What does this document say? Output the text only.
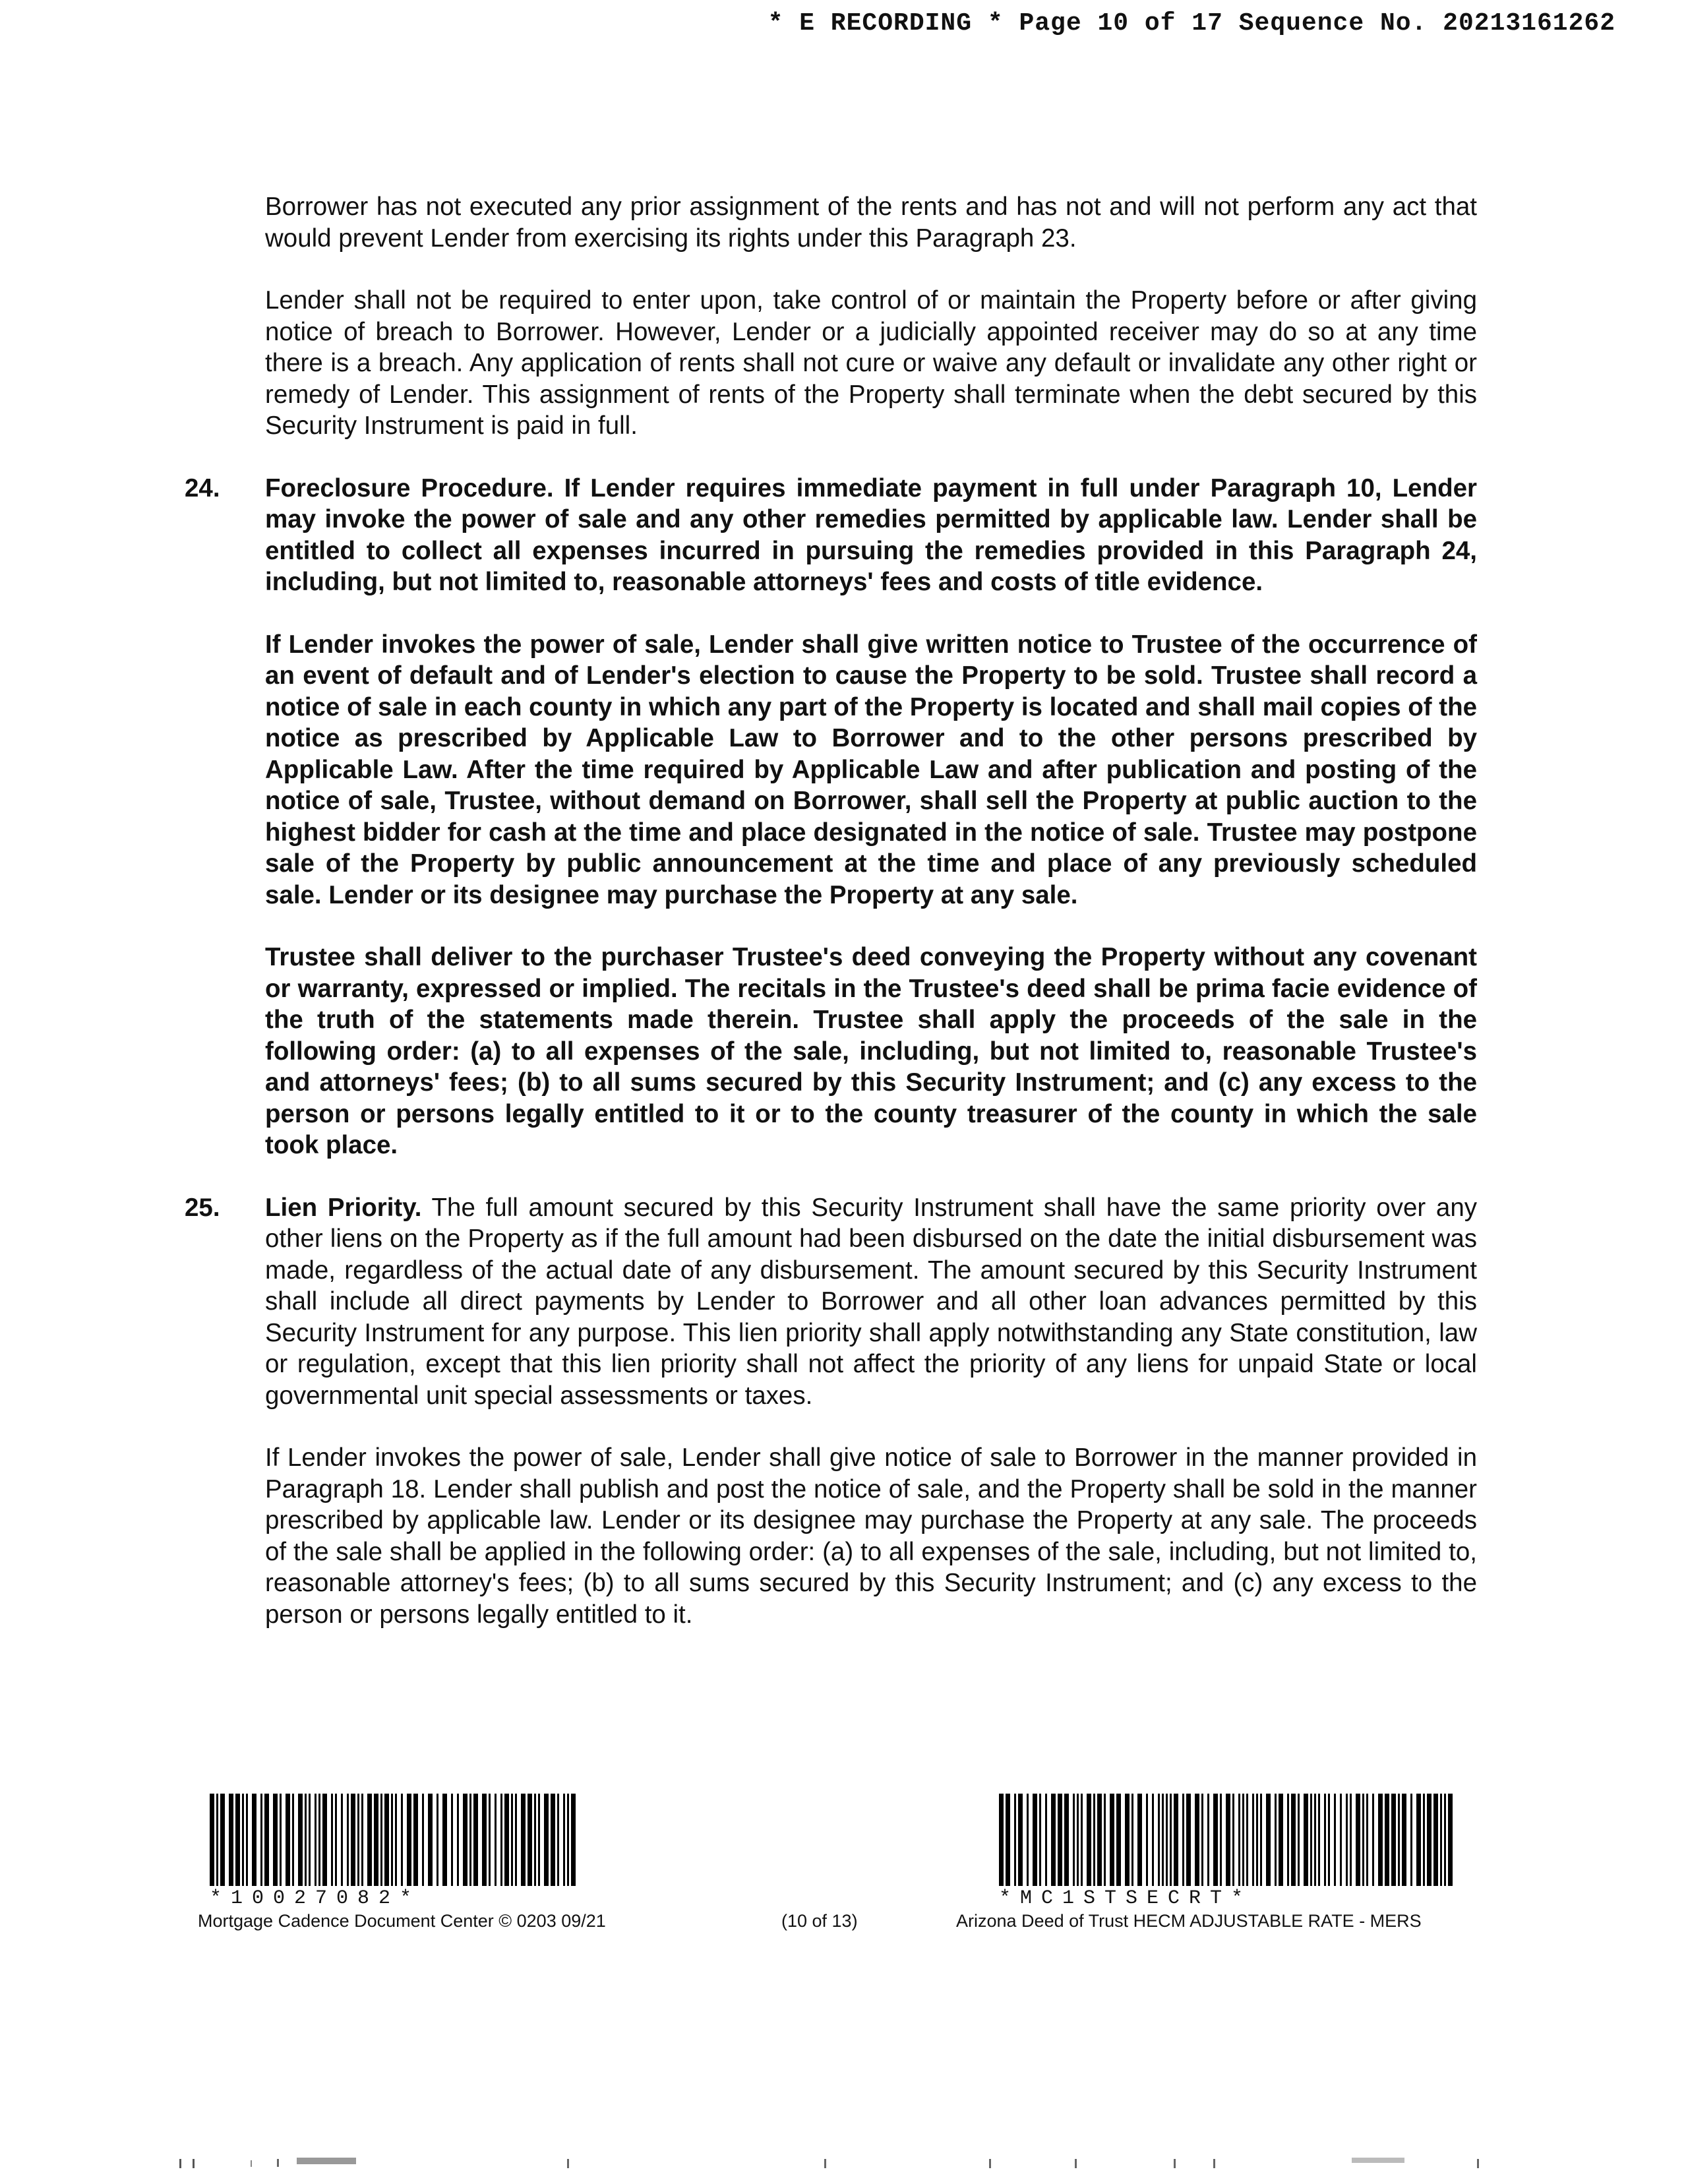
* E RECORDING * Page 10 of 17 Sequence No. 20213161262

Borrower has not executed any prior assignment of the rents and has not and will not perform any act that would prevent Lender from exercising its rights under this Paragraph 23.

Lender shall not be required to enter upon, take control of or maintain the Property before or after giving notice of breach to Borrower. However, Lender or a judicially appointed receiver may do so at any time there is a breach. Any application of rents shall not cure or waive any default or invalidate any other right or remedy of Lender. This assignment of rents of the Property shall terminate when the debt secured by this Security Instrument is paid in full.

24. Foreclosure Procedure. If Lender requires immediate payment in full under Paragraph 10, Lender may invoke the power of sale and any other remedies permitted by applicable law. Lender shall be entitled to collect all expenses incurred in pursuing the remedies provided in this Paragraph 24, including, but not limited to, reasonable attorneys' fees and costs of title evidence.

If Lender invokes the power of sale, Lender shall give written notice to Trustee of the occurrence of an event of default and of Lender's election to cause the Property to be sold. Trustee shall record a notice of sale in each county in which any part of the Property is located and shall mail copies of the notice as prescribed by Applicable Law to Borrower and to the other persons prescribed by Applicable Law. After the time required by Applicable Law and after publication and posting of the notice of sale, Trustee, without demand on Borrower, shall sell the Property at public auction to the highest bidder for cash at the time and place designated in the notice of sale. Trustee may postpone sale of the Property by public announcement at the time and place of any previously scheduled sale. Lender or its designee may purchase the Property at any sale.

Trustee shall deliver to the purchaser Trustee's deed conveying the Property without any covenant or warranty, expressed or implied. The recitals in the Trustee's deed shall be prima facie evidence of the truth of the statements made therein. Trustee shall apply the proceeds of the sale in the following order: (a) to all expenses of the sale, including, but not limited to, reasonable Trustee's and attorneys' fees; (b) to all sums secured by this Security Instrument; and (c) any excess to the person or persons legally entitled to it or to the county treasurer of the county in which the sale took place.

25. Lien Priority. The full amount secured by this Security Instrument shall have the same priority over any other liens on the Property as if the full amount had been disbursed on the date the initial disbursement was made, regardless of the actual date of any disbursement. The amount secured by this Security Instrument shall include all direct payments by Lender to Borrower and all other loan advances permitted by this Security Instrument for any purpose. This lien priority shall apply notwithstanding any State constitution, law or regulation, except that this lien priority shall not affect the priority of any liens for unpaid State or local governmental unit special assessments or taxes.

If Lender invokes the power of sale, Lender shall give notice of sale to Borrower in the manner provided in Paragraph 18. Lender shall publish and post the notice of sale, and the Property shall be sold in the manner prescribed by applicable law. Lender or its designee may purchase the Property at any sale. The proceeds of the sale shall be applied in the following order: (a) to all expenses of the sale, including, but not limited to, reasonable attorney's fees; (b) to all sums secured by this Security Instrument; and (c) any excess to the person or persons legally entitled to it.

*10027082*	*MC1STSECRT*
Mortgage Cadence Document Center © 0203 09/21	(10 of 13)	Arizona Deed of Trust HECM ADJUSTABLE RATE - MERS
